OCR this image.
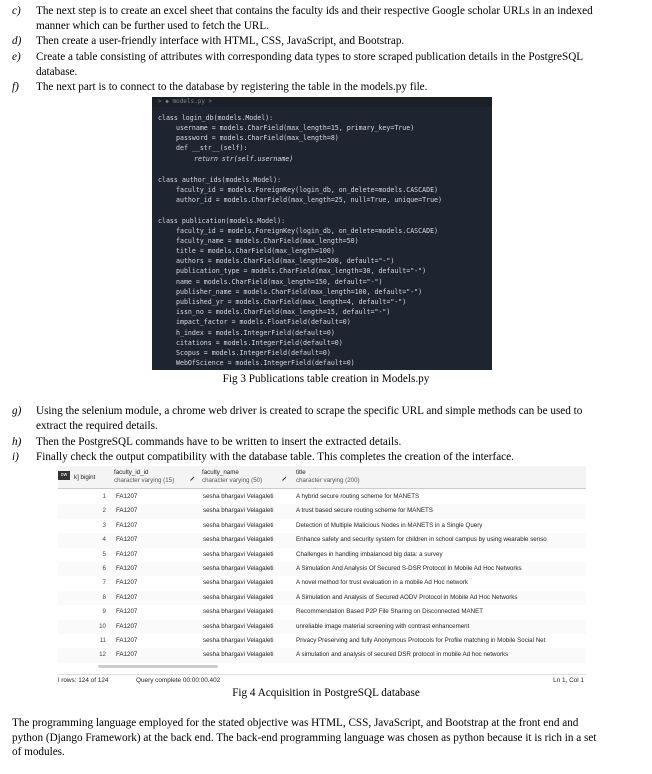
c) The next step is to create an excel sheet that contains the faculty ids and their respective Google scholar URLs in an indexed
manner which can be further used to fetch the URL.
d) Then create a user-friendly interface with HTML, CSS, JavaScript, and Bootstrap.
e) Create a table consisting of attributes with corresponding data types to store scraped publication details in the PostgreSQL
database.
f) The next part is to connect to the database by registering the table in the models.py file.
> ◆ models.py >
class login_db(models.Model):
username = models.CharField(max_length=15, primary_key=True)
password = models.CharField(max_length=8)
def __str__(self):
return str(self.username)
class author_ids(models.Model):
faculty_id = models.ForeignKey(login_db, on_delete=models.CASCADE)
author_id = models.CharField(max_length=25, null=True, unique=True)
class publication(models.Model):
faculty_id = models.ForeignKey(login_db, on_delete=models.CASCADE)
faculty_name = models.CharField(max_length=50)
title = models.CharField(max_length=100)
authors = models.CharField(max_length=200, default="-")
publication_type = models.CharField(max_length=30, default="-")
name = models.CharField(max_length=150, default="-")
publisher_name = models.CharField(max_length=100, default="-")
published_yr = models.CharField(max_length=4, default="-")
issn_no = models.CharField(max_length=15, default="-")
impact_factor = models.FloatField(default=0)
h_index = models.IntegerField(default=0)
citations = models.IntegerField(default=0)
Scopus = models.IntegerField(default=0)
WebOfScience = models.IntegerField(default=0)
Fig 3 Publications table creation in Models.py
g) Using the selenium module, a chrome web driver is created to scrape the specific URL and simple methods can be used to
extract the required details.
h) Then the PostgreSQL commands have to be written to insert the extracted details.
i) Finally check the output compatibility with the database table. This completes the creation of the interface.
ow	k] bigint
faculty_id_id
character varying (15)
faculty_name
character varying (50)
title
character varying (200)
1 FA1207	sesha bhargavi Velagaleti	A hybrid secure routing scheme for MANETS
2 FA1207	sesha bhargavi Velagaleti	A trust based secure routing scheme for MANETS
3 FA1207	sesha bhargavi Velagaleti	Detection of Multiple Malicious Nodes in MANETS in a Single Query
4 FA1207	sesha bhargavi Velagaleti	Enhance safety and security system for children in school campus by using wearable senso
5 FA1207	sesha bhargavi Velagaleti	Challenges in handling imbalanced big data: a survey
6 FA1207	sesha bhargavi Velagaleti	A Simulation And Analysis Of Secured S-DSR Protocol In Mobile Ad Hoc Networks
7 FA1207	sesha bhargavi Velagaleti	A novel method for trust evaluation in a mobile Ad Hoc network
8 FA1207	sesha bhargavi Velagaleti	A Simulation and Analysis of Secured AODV Protocol in Mobile Ad Hoc Networks
9 FA1207	sesha bhargavi Velagaleti	Recommendation Based P2P File Sharing on Disconnected MANET
10 FA1207	sesha bhargavi Velagaleti	unreliable image material screening with contrast enhancement
11 FA1207	sesha bhargavi Velagaleti	Privacy Preserving and fully Anonymous Protocols for Profile matching in Mobile Social Net
12 FA1207	sesha bhargavi Velagaleti	A simulation and analysis of secured DSR protocol in mobile Ad hoc networks
l rows: 124 of 124	Query complete 00:00:00.402	Ln 1, Col 1
Fig 4 Acquisition in PostgreSQL database
The programming language employed for the stated objective was HTML, CSS, JavaScript, and Bootstrap at the front end and
python (Django Framework) at the back end. The back-end programming language was chosen as python because it is rich in a set
of modules.
